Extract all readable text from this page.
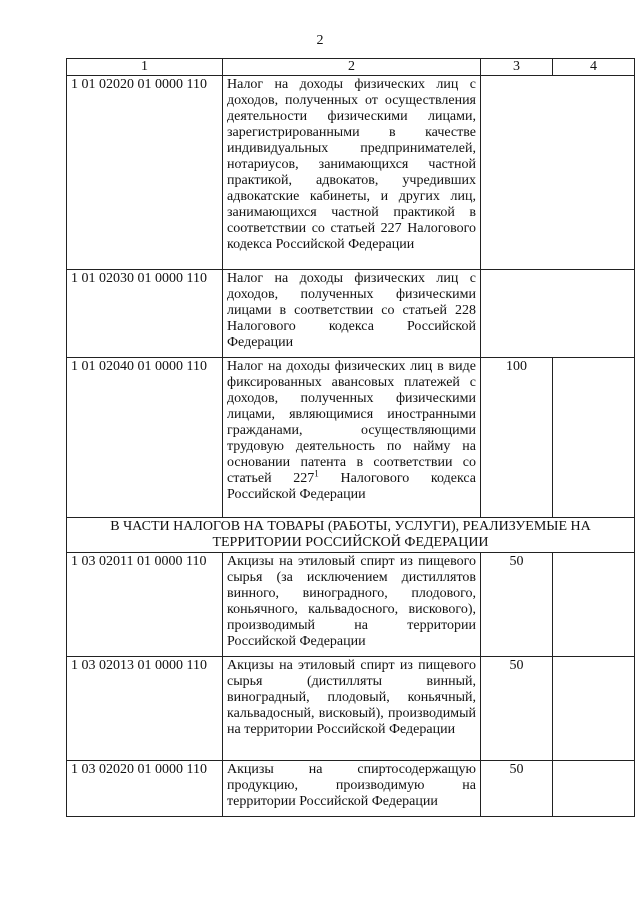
2
1	2	3	4
1 01 02020 01 0000 110	Налог на доходы физических лиц с доходов, полученных от осуществления деятельности физическими лицами, зарегистрированными в качестве индивидуальных предпринимателей, нотариусов, занимающихся частной практикой, адвокатов, учредивших адвокатские кабинеты, и других лиц, занимающихся частной практикой в соответствии со статьей 227 Налогового кодекса Российской Федерации		
1 01 02030 01 0000 110	Налог на доходы физических лиц с доходов, полученных физическими лицами в соответствии со статьей 228 Налогового кодекса Российской Федерации		
1 01 02040 01 0000 110	Налог на доходы физических лиц в виде фиксированных авансовых платежей с доходов, полученных физическими лицами, являющимися иностранными гражданами, осуществляющими трудовую деятельность по найму на основании патента в соответствии со статьей $227^1$ Налогового кодекса Российской Федерации	100	
В ЧАСТИ НАЛОГОВ НА ТОВАРЫ (РАБОТЫ, УСЛУГИ), РЕАЛИЗУЕМЫЕ НА ТЕРРИТОРИИ РОССИЙСКОЙ ФЕДЕРАЦИИ			
1 03 02011 01 0000 110	Акцизы на этиловый спирт из пищевого сырья (за исключением дистиллятов винного, виноградного, плодового, коньячного, кальвадосного, вискового), производимый на территории Российской Федерации	50	
1 03 02013 01 0000 110	Акцизы на этиловый спирт из пищевого сырья (дистилляты винный, виноградный, плодовый, коньячный, кальвадосный, висковый), производимый на территории Российской Федерации	50	
1 03 02020 01 0000 110	Акцизы на спиртосодержащую продукцию, производимую на территории Российской Федерации	50	
